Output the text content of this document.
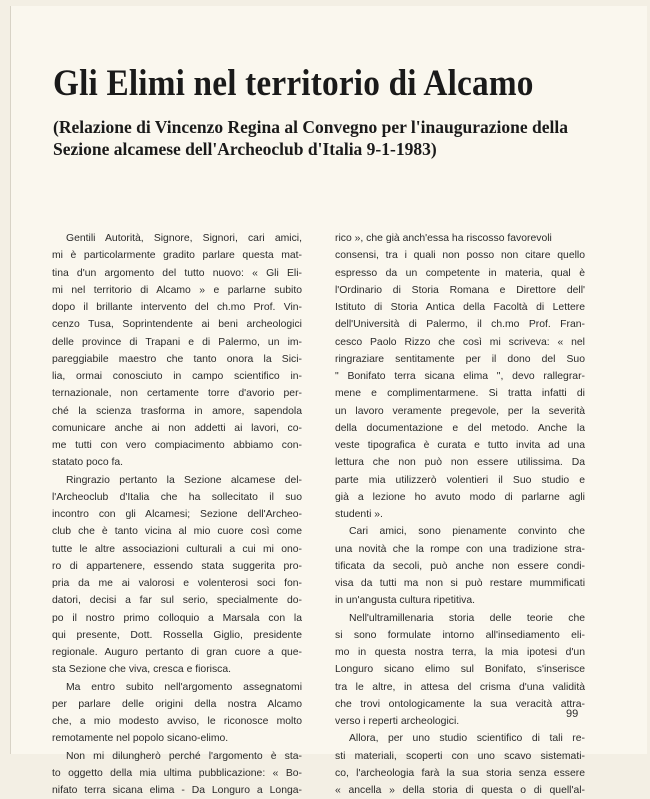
Gli Elimi nel territorio di Alcamo
(Relazione di Vincenzo Regina al Convegno per l'inaugurazione della
Sezione alcamese dell'Archeoclub d'Italia 9-1-1983)
Gentili Autorità, Signore, Signori, cari amici,
mi è particolarmente gradito parlare questa mat-
tina d'un argomento del tutto nuovo: « Gli Eli-
mi nel territorio di Alcamo » e parlarne subito
dopo il brillante intervento del ch.mo Prof. Vin-
cenzo Tusa, Soprintendente ai beni archeologici
delle province di Trapani e di Palermo, un im-
pareggiabile maestro che tanto onora la Sici-
lia, ormai conosciuto in campo scientifico in-
ternazionale, non certamente torre d'avorio per-
ché la scienza trasforma in amore, sapendola
comunicare anche ai non addetti ai lavori, co-
me tutti con vero compiacimento abbiamo con-
statato poco fa.
Ringrazio pertanto la Sezione alcamese del-
l'Archeoclub d'Italia che ha sollecitato il suo
incontro con gli Alcamesi; Sezione dell'Archeo-
club che è tanto vicina al mio cuore così come
tutte le altre associazioni culturali a cui mi ono-
ro di appartenere, essendo stata suggerita pro-
pria da me ai valorosi e volenterosi soci fon-
datori, decisi a far sul serio, specialmente do-
po il nostro primo colloquio a Marsala con la
qui presente, Dott. Rossella Giglio, presidente
regionale. Auguro pertanto di gran cuore a que-
sta Sezione che viva, cresca e fiorisca.
Ma entro subito nell'argomento assegnatomi
per parlare delle origini della nostra Alcamo
che, a mio modesto avviso, le riconosce molto
remotamente nel popolo sicano-elimo.
Non mi dilungherò perché l'argomento è sta-
to oggetto della mia ultima pubblicazione: « Bo-
nifato terra sicana elima - Da Longuro a Longa-
rico », che già anch'essa ha riscosso favorevoli
consensi, tra i quali non posso non citare quello
espresso da un competente in materia, qual è
l'Ordinario di Storia Romana e Direttore dell'
Istituto di Storia Antica della Facoltà di Lettere
dell'Università di Palermo, il ch.mo Prof. Fran-
cesco Paolo Rizzo che così mi scriveva: « nel
ringraziare sentitamente per il dono del Suo
" Bonifato terra sicana elima ", devo rallegrar-
mene e complimentarmene. Si tratta infatti di
un lavoro veramente pregevole, per la severità
della documentazione e del metodo. Anche la
veste tipografica è curata e tutto invita ad una
lettura che non può non essere utilissima. Da
parte mia utilizzerò volentieri il Suo studio e
già a lezione ho avuto modo di parlarne agli
studenti ».
Cari amici, sono pienamente convinto che
una novità che la rompe con una tradizione stra-
tificata da secoli, può anche non essere condi-
visa da tutti ma non si può restare mummificati
in un'angusta cultura ripetitiva.
Nell'ultramillenaria storia delle teorie che
si sono formulate intorno all'insediamento eli-
mo in questa nostra terra, la mia ipotesi d'un
Longuro sicano elimo sul Bonifato, s'inserisce
tra le altre, in attesa del crisma d'una validità
che trovi ontologicamente la sua veracità attra-
verso i reperti archeologici.
Allora, per uno studio scientifico di tali re-
sti materiali, scoperti con uno scavo sistemati-
co, l'archeologia farà la sua storia senza essere
« ancella » della storia di questa o di quell'al-
99
